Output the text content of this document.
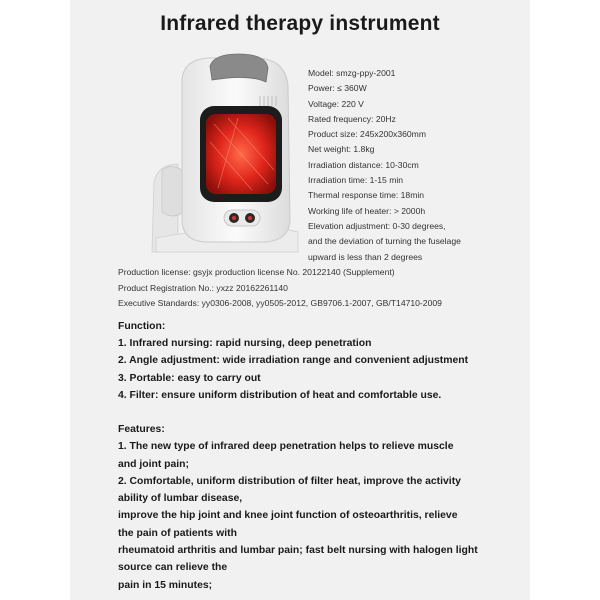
Infrared therapy instrument
Model: smzg-ppy-2001
Power: ≤ 360W
Voltage: 220 V
Rated frequency: 20Hz
Product size: 245x200x360mm
Net weight: 1.8kg
Irradiation distance: 10-30cm
Irradiation time: 1-15 min
Thermal response time: 18min
Working life of heater: > 2000h
Elevation adjustment: 0-30 degrees,
and the deviation of turning the fuselage
upward is less than 2 degrees
Production license: gsyjx production license No. 20122140 (Supplement)
Product Registration No.: yxzz 20162261140
Executive Standards: yy0306-2008, yy0505-2012, GB9706.1-2007, GB/T14710-2009
Function:
1. Infrared nursing: rapid nursing, deep penetration
2. Angle adjustment: wide irradiation range and convenient adjustment
3. Portable: easy to carry out
4. Filter: ensure uniform distribution of heat and comfortable use.
Features:
1. The new type of infrared deep penetration helps to relieve muscle
and joint pain;
2. Comfortable, uniform distribution of filter heat, improve the activity
ability of lumbar disease,
improve the hip joint and knee joint function of osteoarthritis, relieve
the pain of patients with
rheumatoid arthritis and lumbar pain; fast belt nursing with halogen light
source can relieve the
pain in 15 minutes;
